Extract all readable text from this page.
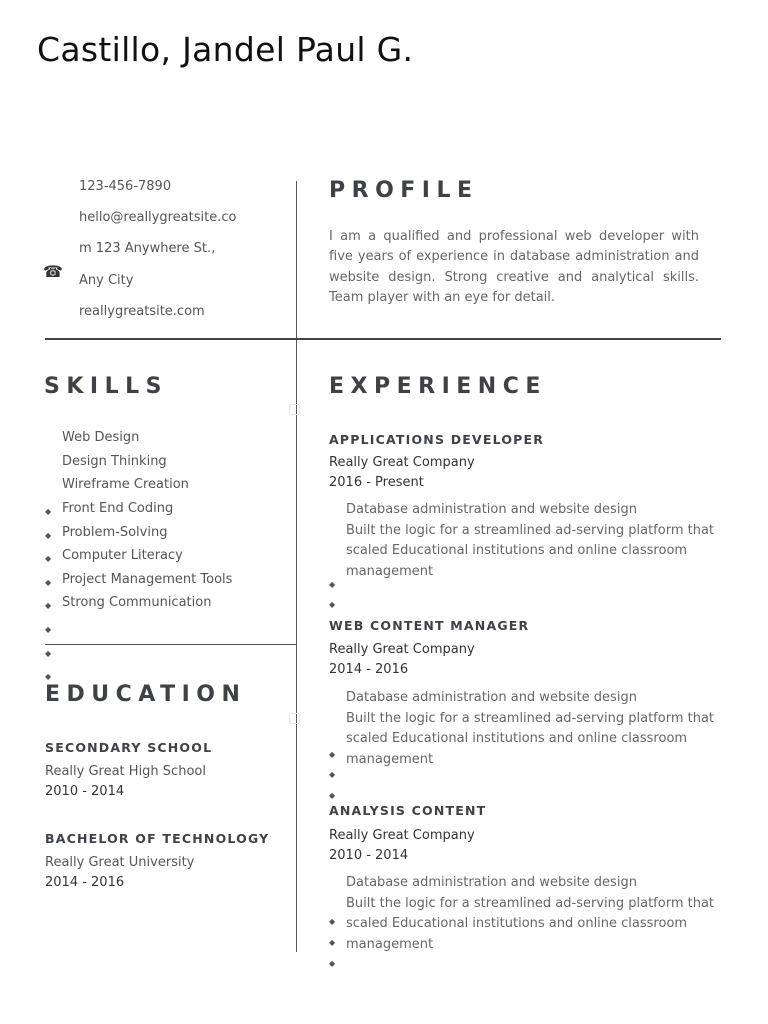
Castillo, Jandel Paul G.
123-456-7890
hello@reallygreatsite.co
m 123 Anywhere St.,
Any City
reallygreatsite.com
☎
PROFILE
I am a qualified and professional web developer with five years of experience in database administration and website design. Strong creative and analytical skills. Team player with an eye for detail.
SKILLS
Web Design
Design Thinking
Wireframe Creation
Front End Coding
Problem-Solving
Computer Literacy
Project Management Tools
Strong Communication
◆
◆
◆
◆
◆
◆
◆
◆
EDUCATION
SECONDARY SCHOOL
Really Great High School
2010 - 2014
BACHELOR OF TECHNOLOGY
Really Great University
2014 - 2016
EXPERIENCE
APPLICATIONS DEVELOPER
Really Great Company
2016 - Present
Database administration and website design
Built the logic for a streamlined ad-serving platform that scaled Educational institutions and online classroom management
◆
◆
WEB CONTENT MANAGER
Really Great Company
2014 - 2016
Database administration and website design
Built the logic for a streamlined ad-serving platform that scaled Educational institutions and online classroom management
◆
◆
◆
ANALYSIS CONTENT
Really Great Company
2010 - 2014
Database administration and website design
Built the logic for a streamlined ad-serving platform that scaled Educational institutions and online classroom management
◆
◆
◆
